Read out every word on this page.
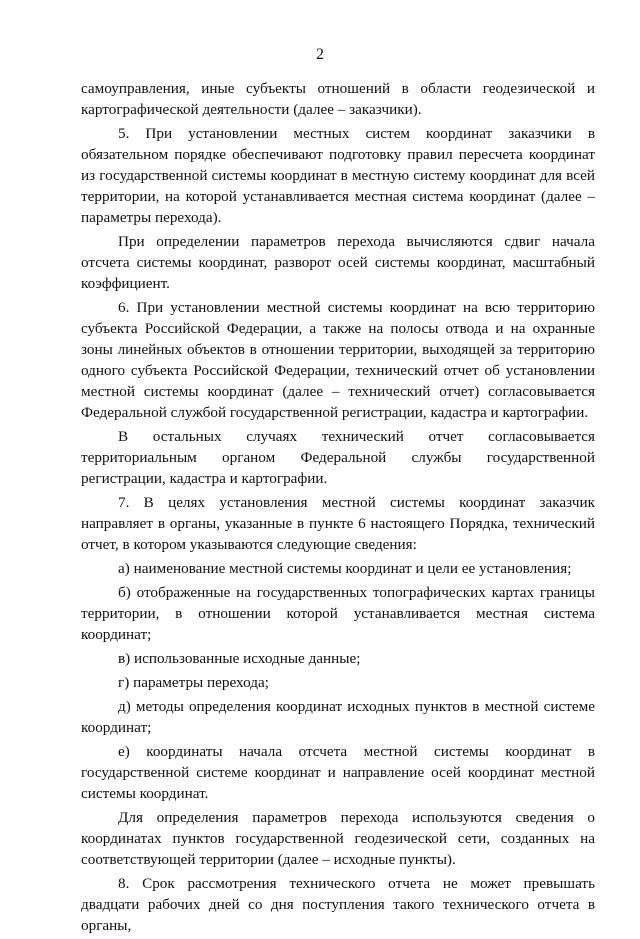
2

самоуправления, иные субъекты отношений в области геодезической и картографической деятельности (далее – заказчики).

5. При установлении местных систем координат заказчики в обязательном порядке обеспечивают подготовку правил пересчета координат из государственной системы координат в местную систему координат для всей территории, на которой устанавливается местная система координат (далее – параметры перехода).

При определении параметров перехода вычисляются сдвиг начала отсчета системы координат, разворот осей системы координат, масштабный коэффициент.

6. При установлении местной системы координат на всю территорию субъекта Российской Федерации, а также на полосы отвода и на охранные зоны линейных объектов в отношении территории, выходящей за территорию одного субъекта Российской Федерации, технический отчет об установлении местной системы координат (далее – технический отчет) согласовывается Федеральной службой государственной регистрации, кадастра и картографии.

В остальных случаях технический отчет согласовывается территориальным органом Федеральной службы государственной регистрации, кадастра и картографии.

7. В целях установления местной системы координат заказчик направляет в органы, указанные в пункте 6 настоящего Порядка, технический отчет, в котором указываются следующие сведения:

а) наименование местной системы координат и цели ее установления;

б) отображенные на государственных топографических картах границы территории, в отношении которой устанавливается местная система координат;

в) использованные исходные данные;

г) параметры перехода;

д) методы определения координат исходных пунктов в местной системе координат;

е) координаты начала отсчета местной системы координат в государственной системе координат и направление осей координат местной системы координат.

Для определения параметров перехода используются сведения о координатах пунктов государственной геодезической сети, созданных на соответствующей территории (далее – исходные пункты).

8. Срок рассмотрения технического отчета не может превышать двадцати рабочих дней со дня поступления такого технического отчета в органы,
